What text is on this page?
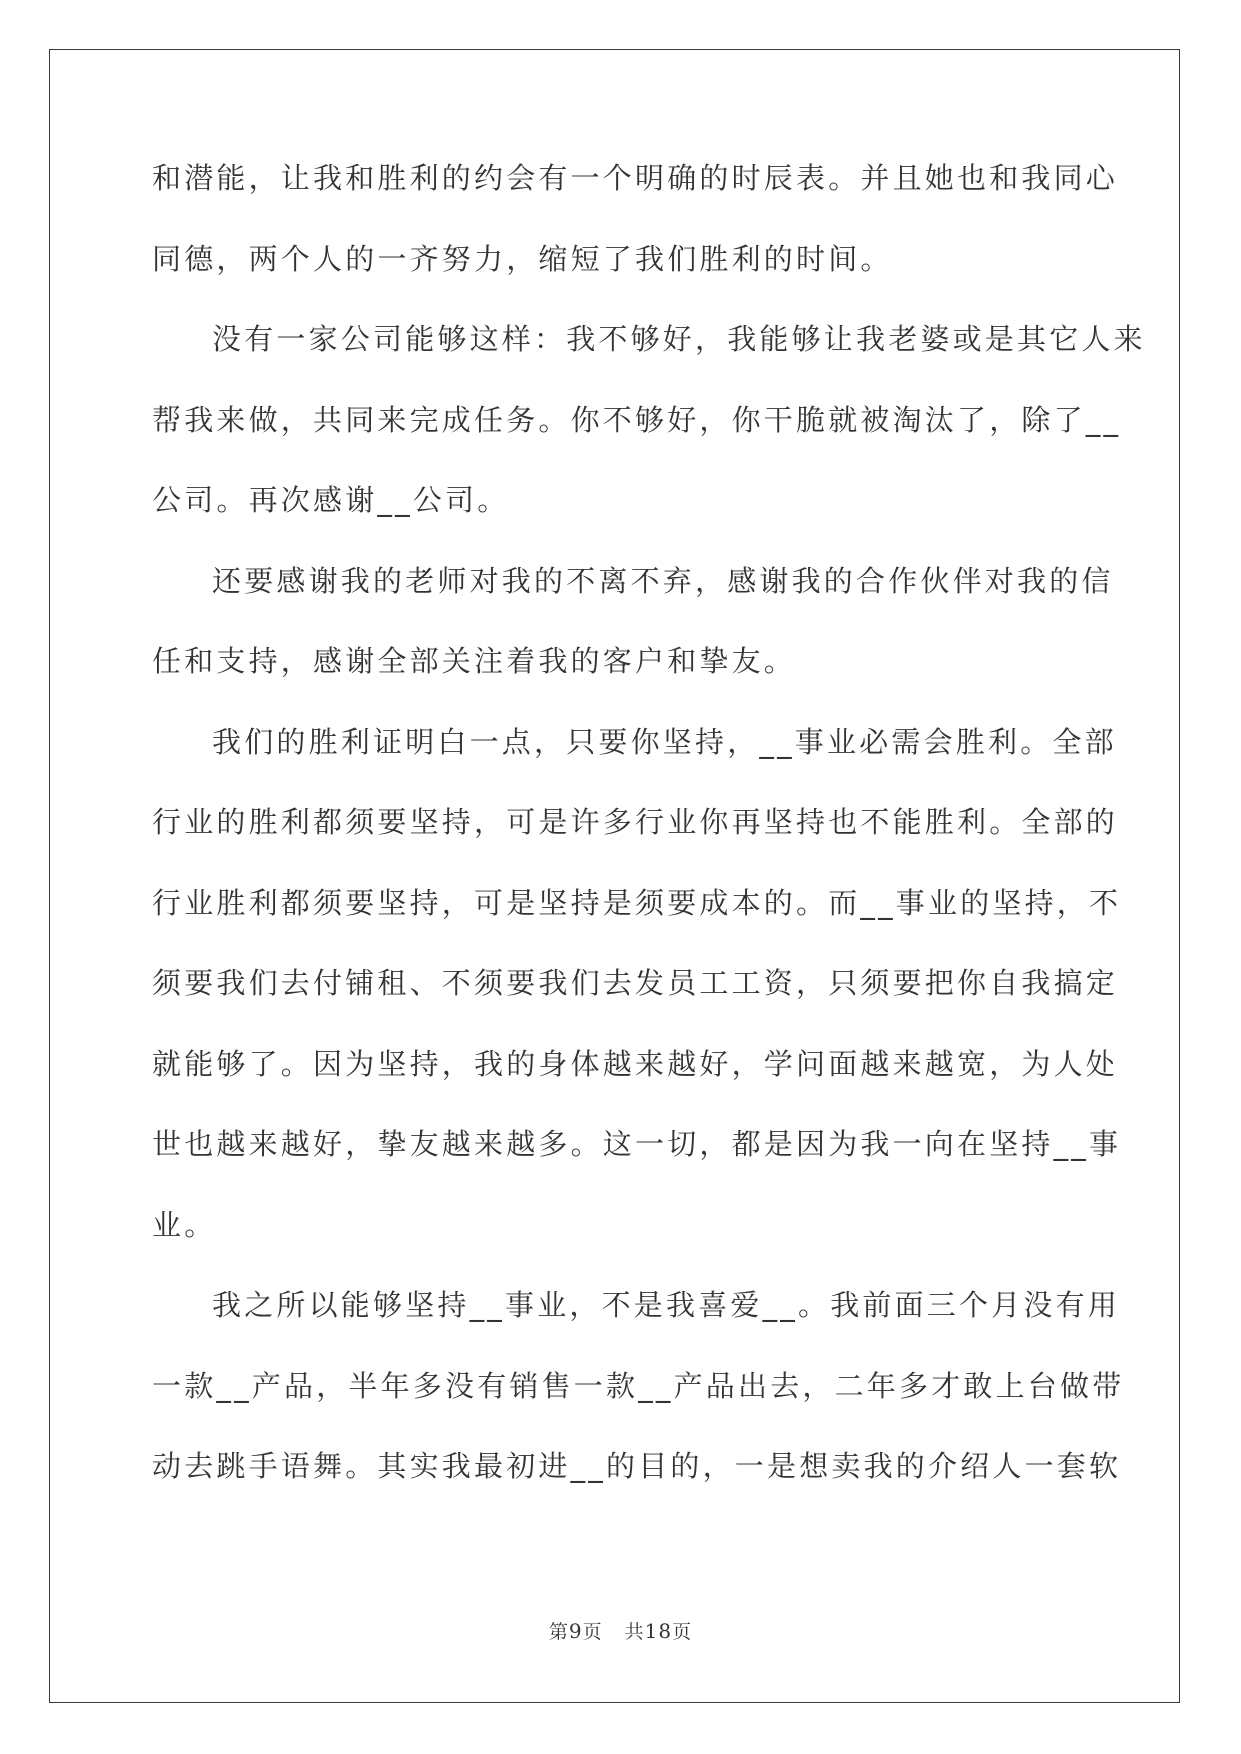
和潜能，让我和胜利的约会有一个明确的时辰表。并且她也和我同心
同德，两个人的一齐努力，缩短了我们胜利的时间。
没有一家公司能够这样：我不够好，我能够让我老婆或是其它人来
帮我来做，共同来完成任务。你不够好，你干脆就被淘汰了，除了__
公司。再次感谢__公司。
还要感谢我的老师对我的不离不弃，感谢我的合作伙伴对我的信
任和支持，感谢全部关注着我的客户和挚友。
我们的胜利证明白一点，只要你坚持，__事业必需会胜利。全部
行业的胜利都须要坚持，可是许多行业你再坚持也不能胜利。全部的
行业胜利都须要坚持，可是坚持是须要成本的。而__事业的坚持，不
须要我们去付铺租、不须要我们去发员工工资，只须要把你自我搞定
就能够了。因为坚持，我的身体越来越好，学问面越来越宽，为人处
世也越来越好，挚友越来越多。这一切，都是因为我一向在坚持__事
业。
我之所以能够坚持__事业，不是我喜爱__。我前面三个月没有用
一款__产品，半年多没有销售一款__产品出去，二年多才敢上台做带
动去跳手语舞。其实我最初进__的目的，一是想卖我的介绍人一套软
第9页 共18页
